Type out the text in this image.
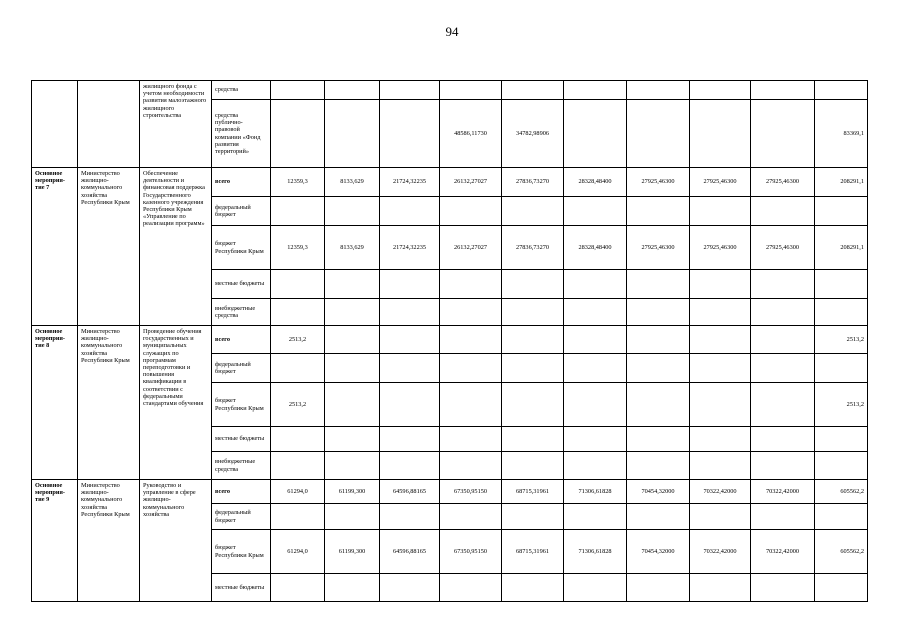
94
		жилищного фонда с учетом необходимости развития малоэтажного жилищного строительства	средства										
			средства публично-правовой компании «Фонд развития территорий»				48586,11730	34782,98906					83369,1
Основное мероприя-тие 7	Министерство жилищно-коммунального хозяйства Республики Крым	Обеспечение деятельности и финансовая поддержка Государственного казенного учреждения Республики Крым «Управление по реализации программ»	всего	12359,3	8133,629	21724,32235	26132,27027	27836,73270	28328,48400	27925,46300	27925,46300	27925,46300	208291,1
			федеральный бюджет										
			бюджет Республики Крым	12359,3	8133,629	21724,32235	26132,27027	27836,73270	28328,48400	27925,46300	27925,46300	27925,46300	208291,1
			местные бюджеты										
			внебюджетные средства										
Основное мероприя-тие 8	Министерство жилищно-коммунального хозяйства Республики Крым	Проведение обучения государственных и муниципальных служащих по программам переподготовки и повышения квалификации в соответствии с федеральными стандартами обучения	всего	2513,2									2513,2
			федеральный бюджет										
			бюджет Республики Крым	2513,2									2513,2
			местные бюджеты										
			внебюджетные средства										
Основное мероприя-тие 9	Министерство жилищно-коммунального хозяйства Республики Крым	Руководство и управление в сфере жилищно-коммунального хозяйства	всего	61294,0	61199,300	64596,88165	67350,95150	68715,31961	71306,61828	70454,32000	70322,42000	70322,42000	605562,2
			федеральный бюджет										
			бюджет Республики Крым	61294,0	61199,300	64596,88165	67350,95150	68715,31961	71306,61828	70454,32000	70322,42000	70322,42000	605562,2
			местные бюджеты										
